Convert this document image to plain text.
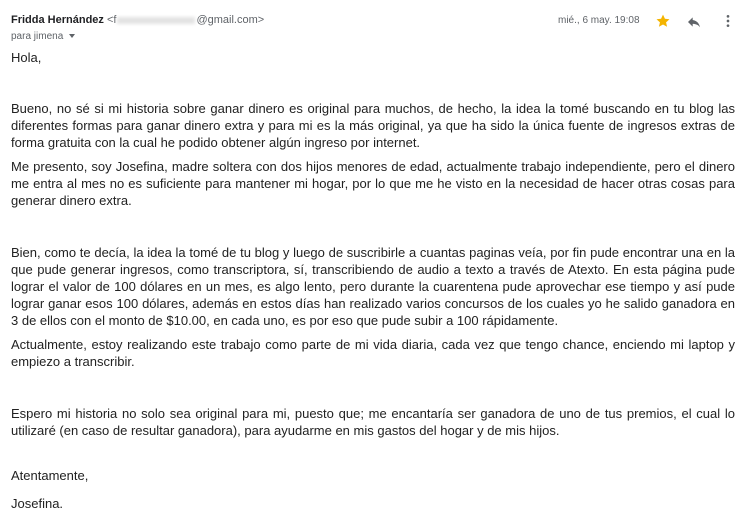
Fridda Hernández <f	@gmail.com>
para jimena
mié., 6 may. 19:08

Hola,

Bueno, no sé si mi historia sobre ganar dinero es original para muchos, de hecho, la idea la tomé buscando en tu blog las diferentes formas para ganar dinero extra y para mi es la más original, ya que ha sido la única fuente de ingresos extras de forma gratuita con la cual he podido obtener algún ingreso por internet.

Me presento, soy Josefina, madre soltera con dos hijos menores de edad, actualmente trabajo independiente, pero el dinero me entra al mes no es suficiente para mantener mi hogar, por lo que me he visto en la necesidad de hacer otras cosas para generar dinero extra.

Bien, como te decía, la idea la tomé de tu blog y luego de suscribirle a cuantas paginas veía, por fin pude encontrar una en la que pude generar ingresos, como transcriptora, sí, transcribiendo de audio a texto a través de Atexto. En esta página pude lograr el valor de 100 dólares en un mes, es algo lento, pero durante la cuarentena pude aprovechar ese tiempo y así pude lograr ganar esos 100 dólares, además en estos días han realizado varios concursos de los cuales yo he salido ganadora en 3 de ellos con el monto de $10.00, en cada uno, es por eso que pude subir a 100 rápidamente.

Actualmente, estoy realizando este trabajo como parte de mi vida diaria, cada vez que tengo chance, enciendo mi laptop y empiezo a transcribir.

Espero mi historia no solo sea original para mi, puesto que; me encantaría ser ganadora de uno de tus premios, el cual lo utilizaré (en caso de resultar ganadora), para ayudarme en mis gastos del hogar y de mis hijos.

Atentamente,

Josefina.
